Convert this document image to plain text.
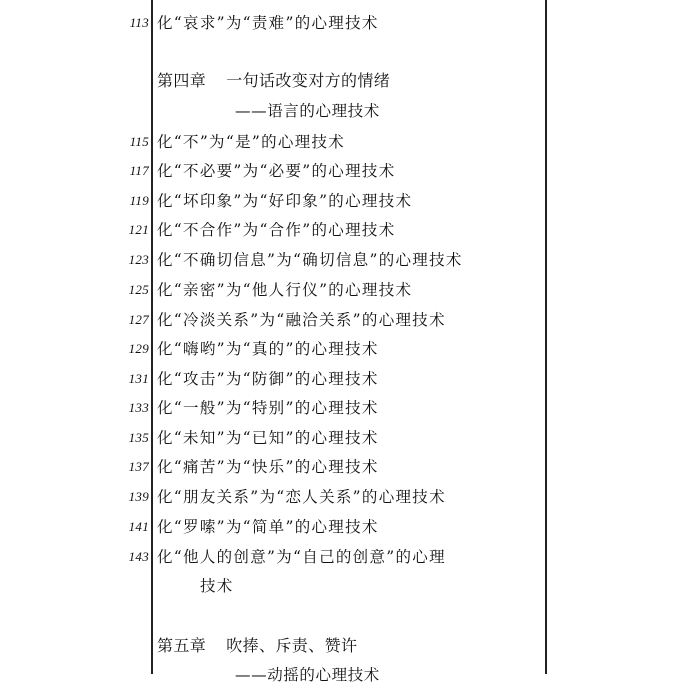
113 化“哀求”为“责难”的心理技术
第四章 一句话改变对方的情绪
——语言的心理技术
115 化“不”为“是”的心理技术
117 化“不必要”为“必要”的心理技术
119 化“坏印象”为“好印象”的心理技术
121 化“不合作”为“合作”的心理技术
123 化“不确切信息”为“确切信息”的心理技术
125 化“亲密”为“他人行仪”的心理技术
127 化“冷淡关系”为“融洽关系”的心理技术
129 化“嗨哟”为“真的”的心理技术
131 化“攻击”为“防御”的心理技术
133 化“一般”为“特别”的心理技术
135 化“未知”为“已知”的心理技术
137 化“痛苦”为“快乐”的心理技术
139 化“朋友关系”为“恋人关系”的心理技术
141 化“罗嗦”为“简单”的心理技术
143 化“他人的创意”为“自己的创意”的心理
技术
第五章 吹捧、斥责、赞许
——动摇的心理技术
